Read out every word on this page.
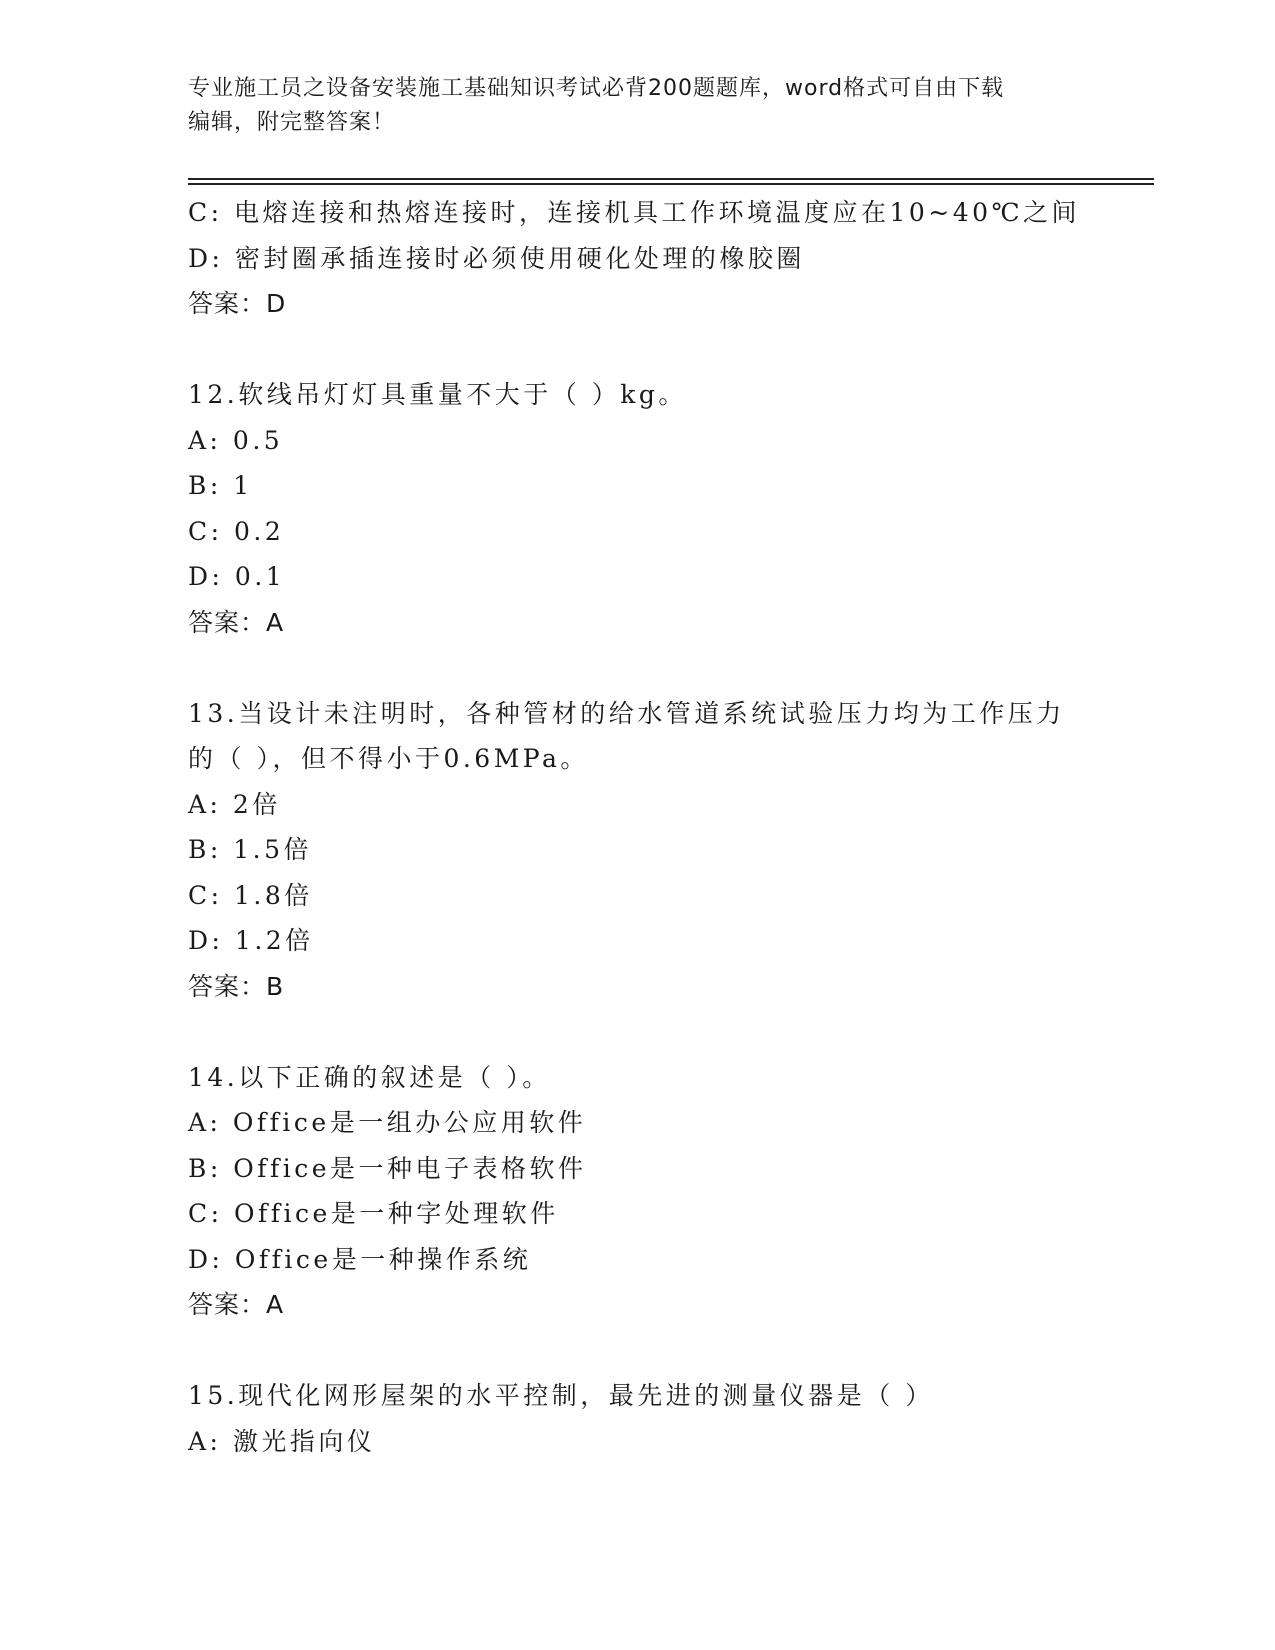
专业施工员之设备安装施工基础知识考试必背200题题库，word格式可自由下载
编辑，附完整答案！
C: 电熔连接和热熔连接时，连接机具工作环境温度应在10~40℃之间
D: 密封圈承插连接时必须使用硬化处理的橡胶圈
答案：D
12.软线吊灯灯具重量不大于（ ）kg。
A: 0.5
B: 1
C: 0.2
D: 0.1
答案：A
13.当设计未注明时，各种管材的给水管道系统试验压力均为工作压力
的（ ），但不得小于0.6MPa。
A: 2倍
B: 1.5倍
C: 1.8倍
D: 1.2倍
答案：B
14.以下正确的叙述是（ ）。
A: Office是一组办公应用软件
B: Office是一种电子表格软件
C: Office是一种字处理软件
D: Office是一种操作系统
答案：A
15.现代化网形屋架的水平控制，最先进的测量仪器是（ ）
A: 激光指向仪
